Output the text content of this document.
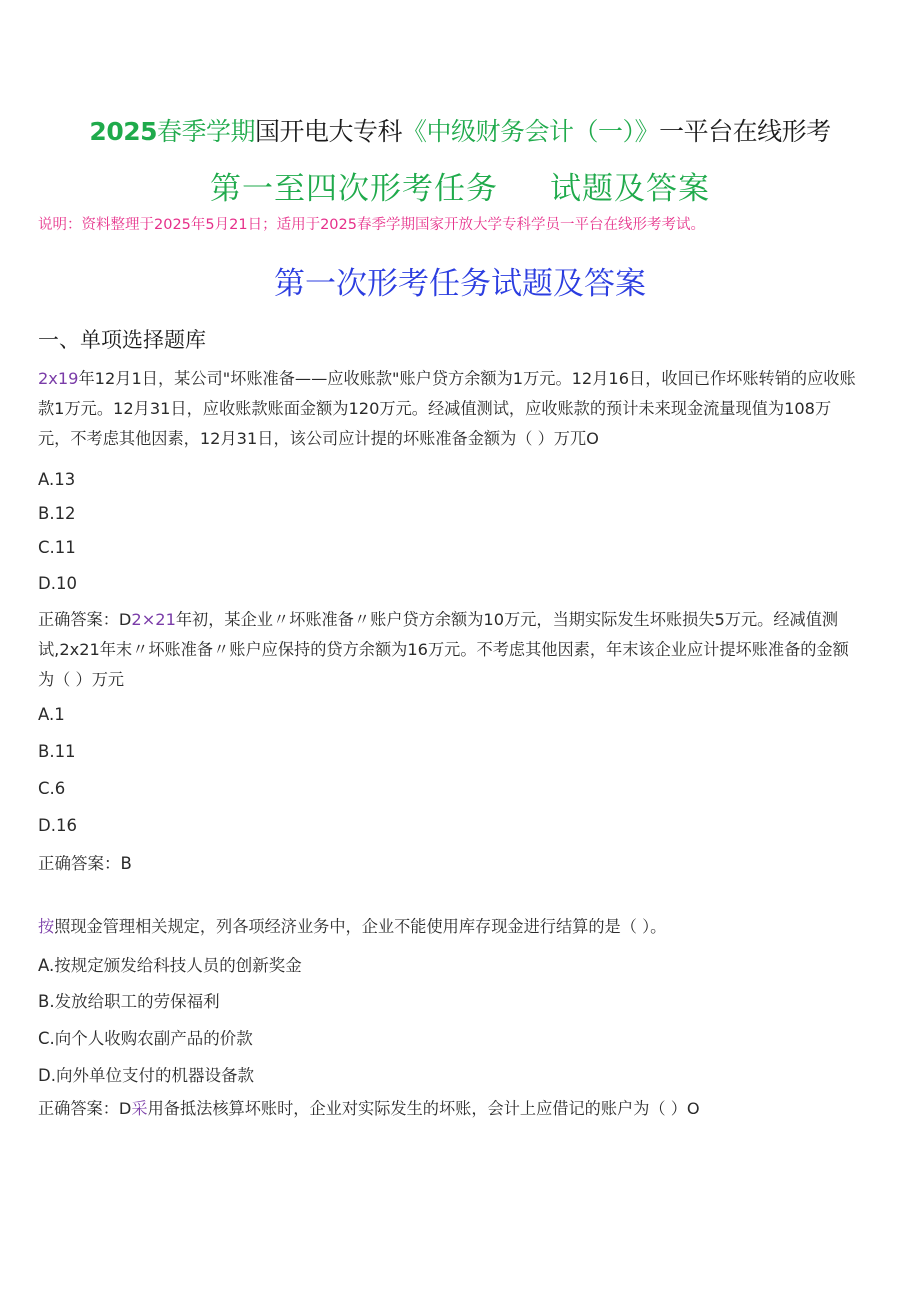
2025春季学期国开电大专科《中级财务会计（一）》一平台在线形考
第一至四次形考任务 试题及答案
说明：资料整理于2025年5月21日；适用于2025春季学期国家开放大学专科学员一平台在线形考考试。
第一次形考任务试题及答案
一、单项选择题库
2x19年12月1日，某公司"坏账准备——应收账款"账户贷方余额为1万元。12月16日，收回已作坏账转销的应收账
款1万元。12月31日，应收账款账面金额为120万元。经减值测试，应收账款的预计未来现金流量现值为108万
元，不考虑其他因素，12月31日，该公司应计提的坏账准备金额为（ ）万兀O
A.13
B.12
C.11
D.10
正确答案：D2×21年初，某企业〃坏账准备〃账户贷方余额为10万元，当期实际发生坏账损失5万元。经减值测
试,2x21年末〃坏账准备〃账户应保持的贷方余额为16万元。不考虑其他因素，年末该企业应计提坏账准备的金额
为（ ）万元
A.1
B.11
C.6
D.16
正确答案：B
按照现金管理相关规定，列各项经济业务中，企业不能使用库存现金进行结算的是（ ）。
A.按规定颁发给科技人员的创新奖金
B.发放给职工的劳保福利
C.向个人收购农副产品的价款
D.向外单位支付的机器设备款
正确答案：D采用备抵法核算坏账时，企业对实际发生的坏账，会计上应借记的账户为（ ）O
